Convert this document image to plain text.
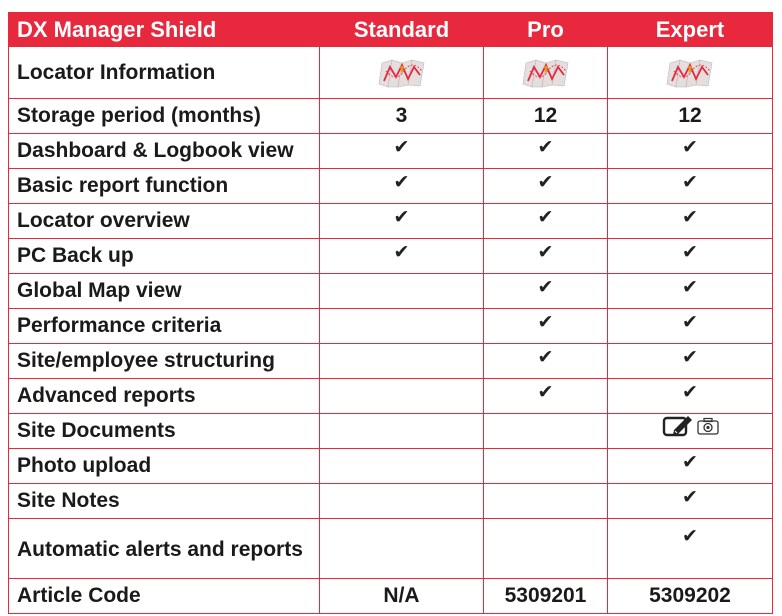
DX Manager Shield	Standard	Pro	Expert
Locator Information			
Storage period (months)	3	12	12
Dashboard & Logbook view	✔	✔	✔
Basic report function	✔	✔	✔
Locator overview	✔	✔	✔
PC Back up	✔	✔	✔
Global Map view		✔	✔
Performance criteria		✔	✔
Site/employee structuring		✔	✔
Advanced reports		✔	✔
Site Documents			

Photo upload			✔
Site Notes			✔
Automatic alerts and reports			✔
Article Code	N/A	5309201	5309202
